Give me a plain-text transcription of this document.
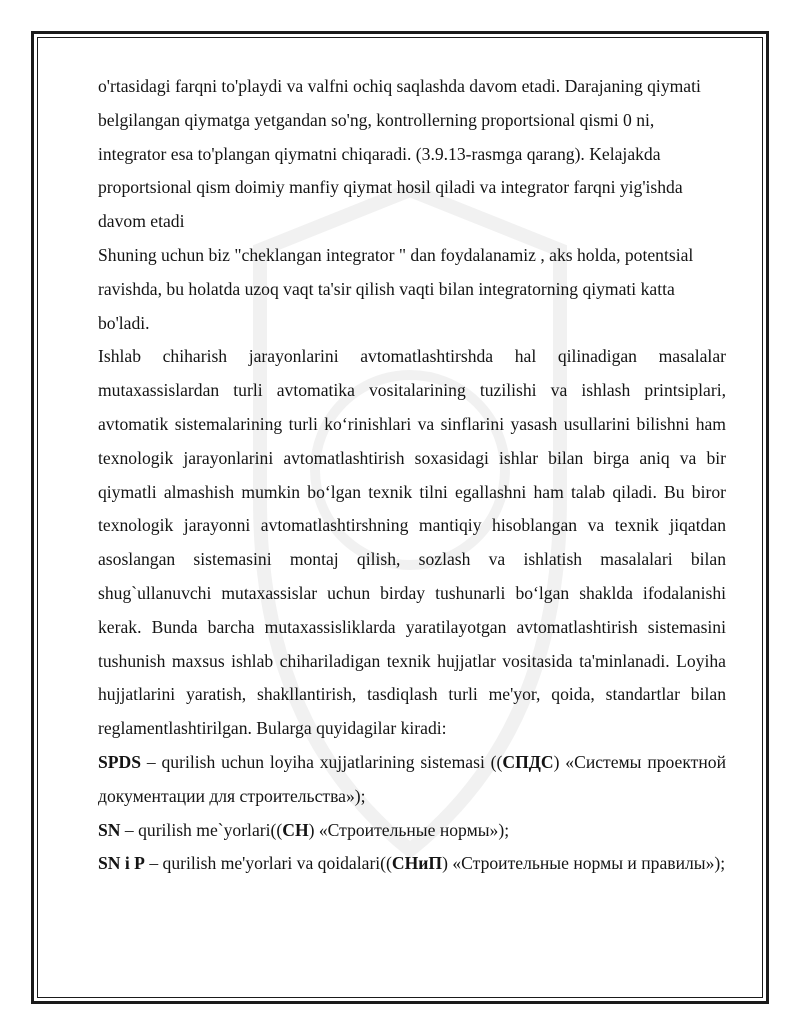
o'rtasidagi farqni to'playdi va valfni ochiq saqlashda davom etadi. Darajaning qiymati belgilangan qiymatga yetgandan so'ng, kontrollerning proportsional qismi 0 ni, integrator esa to'plangan qiymatni chiqaradi. (3.9.13-rasmga qarang). Kelajakda proportsional qism doimiy manfiy qiymat hosil qiladi va integrator farqni yig'ishda davom etadi

Shuning uchun biz "cheklangan integrator " dan foydalanamiz , aks holda, potentsial ravishda, bu holatda uzoq vaqt ta'sir qilish vaqti bilan integratorning qiymati katta bo'ladi.

Ishlab chiharish jarayonlarini avtomatlashtirshda hal qilinadigan masalalar mutaxassislardan turli avtomatika vositalarining tuzilishi va ishlash printsiplari, avtomatik sistemalarining turli ko‘rinishlari va sinflarini yasash usullarini bilishni ham texnologik jarayonlarini avtomatlashtirish soxasidagi ishlar bilan birga aniq va bir qiymatli almashish mumkin bo‘lgan texnik tilni egallashni ham talab qiladi. Bu biror texnologik jarayonni avtomatlashtirshning mantiqiy hisoblangan va texnik jiqatdan asoslangan sistemasini montaj qilish, sozlash va ishlatish masalalari bilan shug`ullanuvchi mutaxassislar uchun birday tushunarli bo‘lgan shaklda ifodalanishi kerak. Bunda barcha mutaxassisliklarda yaratilayotgan avtomatlashtirish sistemasini tushunish maxsus ishlab chihariladigan texnik hujjatlar vositasida ta'minlanadi. Loyiha hujjatlarini yaratish, shakllantirish, tasdiqlash turli me'yor, qoida, standartlar bilan reglamentlashtirilgan. Bularga quyidagilar kiradi:

SPDS – qurilish uchun loyiha xujjatlarining sistemasi ((СПДС) «Системы проектной документации для строительства»);

SN – qurilish me`yorlari((СН) «Строительные нормы»);

SN i P – qurilish me'yorlari va qoidalari((СНиП) «Строительные нормы и правилы»);
